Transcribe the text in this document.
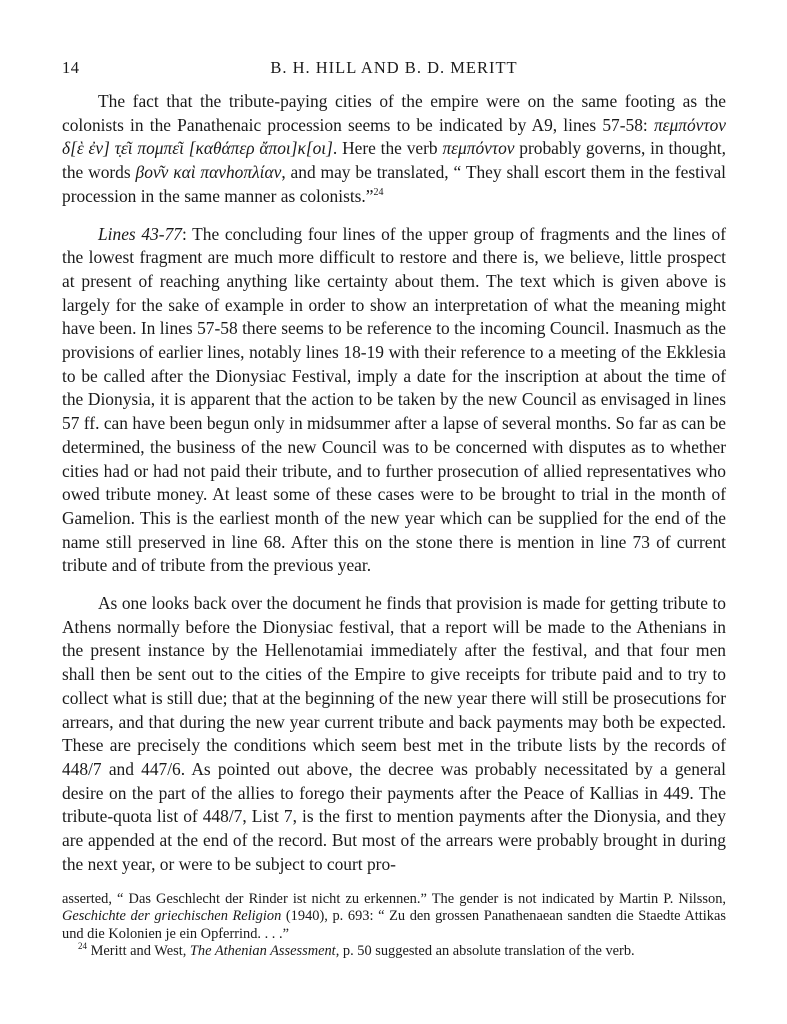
14	B. H. HILL AND B. D. MERITT

The fact that the tribute-paying cities of the empire were on the same footing as the colonists in the Panathenaic procession seems to be indicated by A9, lines 57-58: πεμπόντον δ[ὲ ἐν] τ̣ε͂ι πομπε͂ι [καθάπερ ἄποι]κ[οι]. Here the verb πεμπόντον probably governs, in thought, the words βον͂ν καὶ πανhοπλίαν, and may be translated, “ They shall escort them in the festival procession in the same manner as colonists.”$^{24}$

Lines 43-77: The concluding four lines of the upper group of fragments and the lines of the lowest fragment are much more difficult to restore and there is, we believe, little prospect at present of reaching anything like certainty about them. The text which is given above is largely for the sake of example in order to show an interpretation of what the meaning might have been. In lines 57-58 there seems to be reference to the incoming Council. Inasmuch as the provisions of earlier lines, notably lines 18-19 with their reference to a meeting of the Ekklesia to be called after the Dionysiac Festival, imply a date for the inscription at about the time of the Dionysia, it is apparent that the action to be taken by the new Council as envisaged in lines 57 ff. can have been begun only in midsummer after a lapse of several months. So far as can be determined, the business of the new Council was to be concerned with disputes as to whether cities had or had not paid their tribute, and to further prosecution of allied representatives who owed tribute money. At least some of these cases were to be brought to trial in the month of Gamelion. This is the earliest month of the new year which can be supplied for the end of the name still preserved in line 68. After this on the stone there is mention in line 73 of current tribute and of tribute from the previous year.

As one looks back over the document he finds that provision is made for getting tribute to Athens normally before the Dionysiac festival, that a report will be made to the Athenians in the present instance by the Hellenotamiai immediately after the festival, and that four men shall then be sent out to the cities of the Empire to give receipts for tribute paid and to try to collect what is still due; that at the beginning of the new year there will still be prosecutions for arrears, and that during the new year current tribute and back payments may both be expected. These are precisely the conditions which seem best met in the tribute lists by the records of 448/7 and 447/6. As pointed out above, the decree was probably necessitated by a general desire on the part of the allies to forego their payments after the Peace of Kallias in 449. The tribute-quota list of 448/7, List 7, is the first to mention payments after the Dionysia, and they are appended at the end of the record. But most of the arrears were probably brought in during the next year, or were to be subject to court pro-

asserted, “ Das Geschlecht der Rinder ist nicht zu erkennen.” The gender is not indicated by Martin P. Nilsson, Geschichte der griechischen Religion (1940), p. 693: “ Zu den grossen Panathenaean sandten die Staedte Attikas und die Kolonien je ein Opferrind. . . .”

$^{24}$ Meritt and West, The Athenian Assessment, p. 50 suggested an absolute translation of the verb.
